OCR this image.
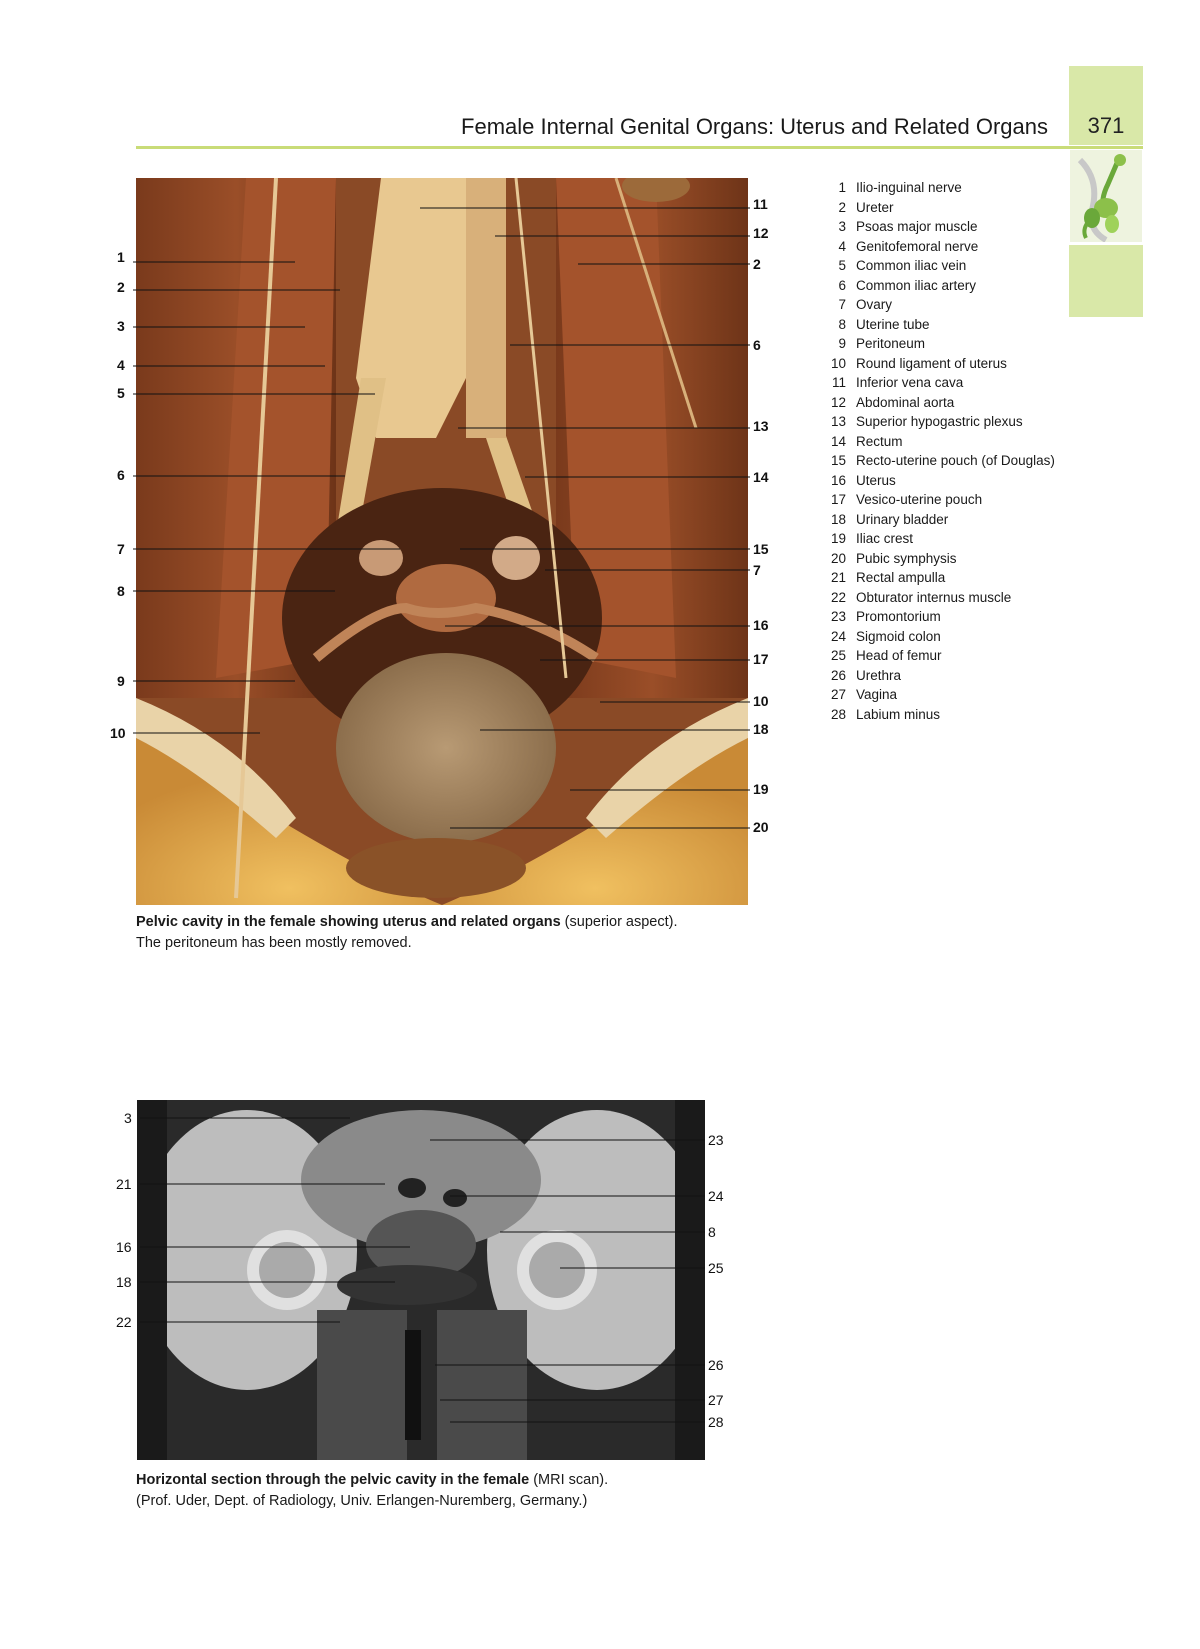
371
Female Internal Genital Organs: Uterus and Related Organs
1
2
3
4
5
6
7
8
9
10
11
12
2
6
13
14
15
7
16
17
10
18
19
20
1 Ilio-inguinal nerve
2 Ureter
3 Psoas major muscle
4 Genitofemoral nerve
5 Common iliac vein
6 Common iliac artery
7 Ovary
8 Uterine tube
9 Peritoneum
10 Round ligament of uterus
11 Inferior vena cava
12 Abdominal aorta
13 Superior hypogastric plexus
14 Rectum
15 Recto-uterine pouch (of Douglas)
16 Uterus
17 Vesico-uterine pouch
18 Urinary bladder
19 Iliac crest
20 Pubic symphysis
21 Rectal ampulla
22 Obturator internus muscle
23 Promontorium
24 Sigmoid colon
25 Head of femur
26 Urethra
27 Vagina
28 Labium minus
Pelvic cavity in the female showing uterus and related organs (superior aspect).
The peritoneum has been mostly removed.
3
21
16
18
22
23
24
8
25
26
27
28
Horizontal section through the pelvic cavity in the female (MRI scan).
(Prof. Uder, Dept. of Radiology, Univ. Erlangen-Nuremberg, Germany.)
